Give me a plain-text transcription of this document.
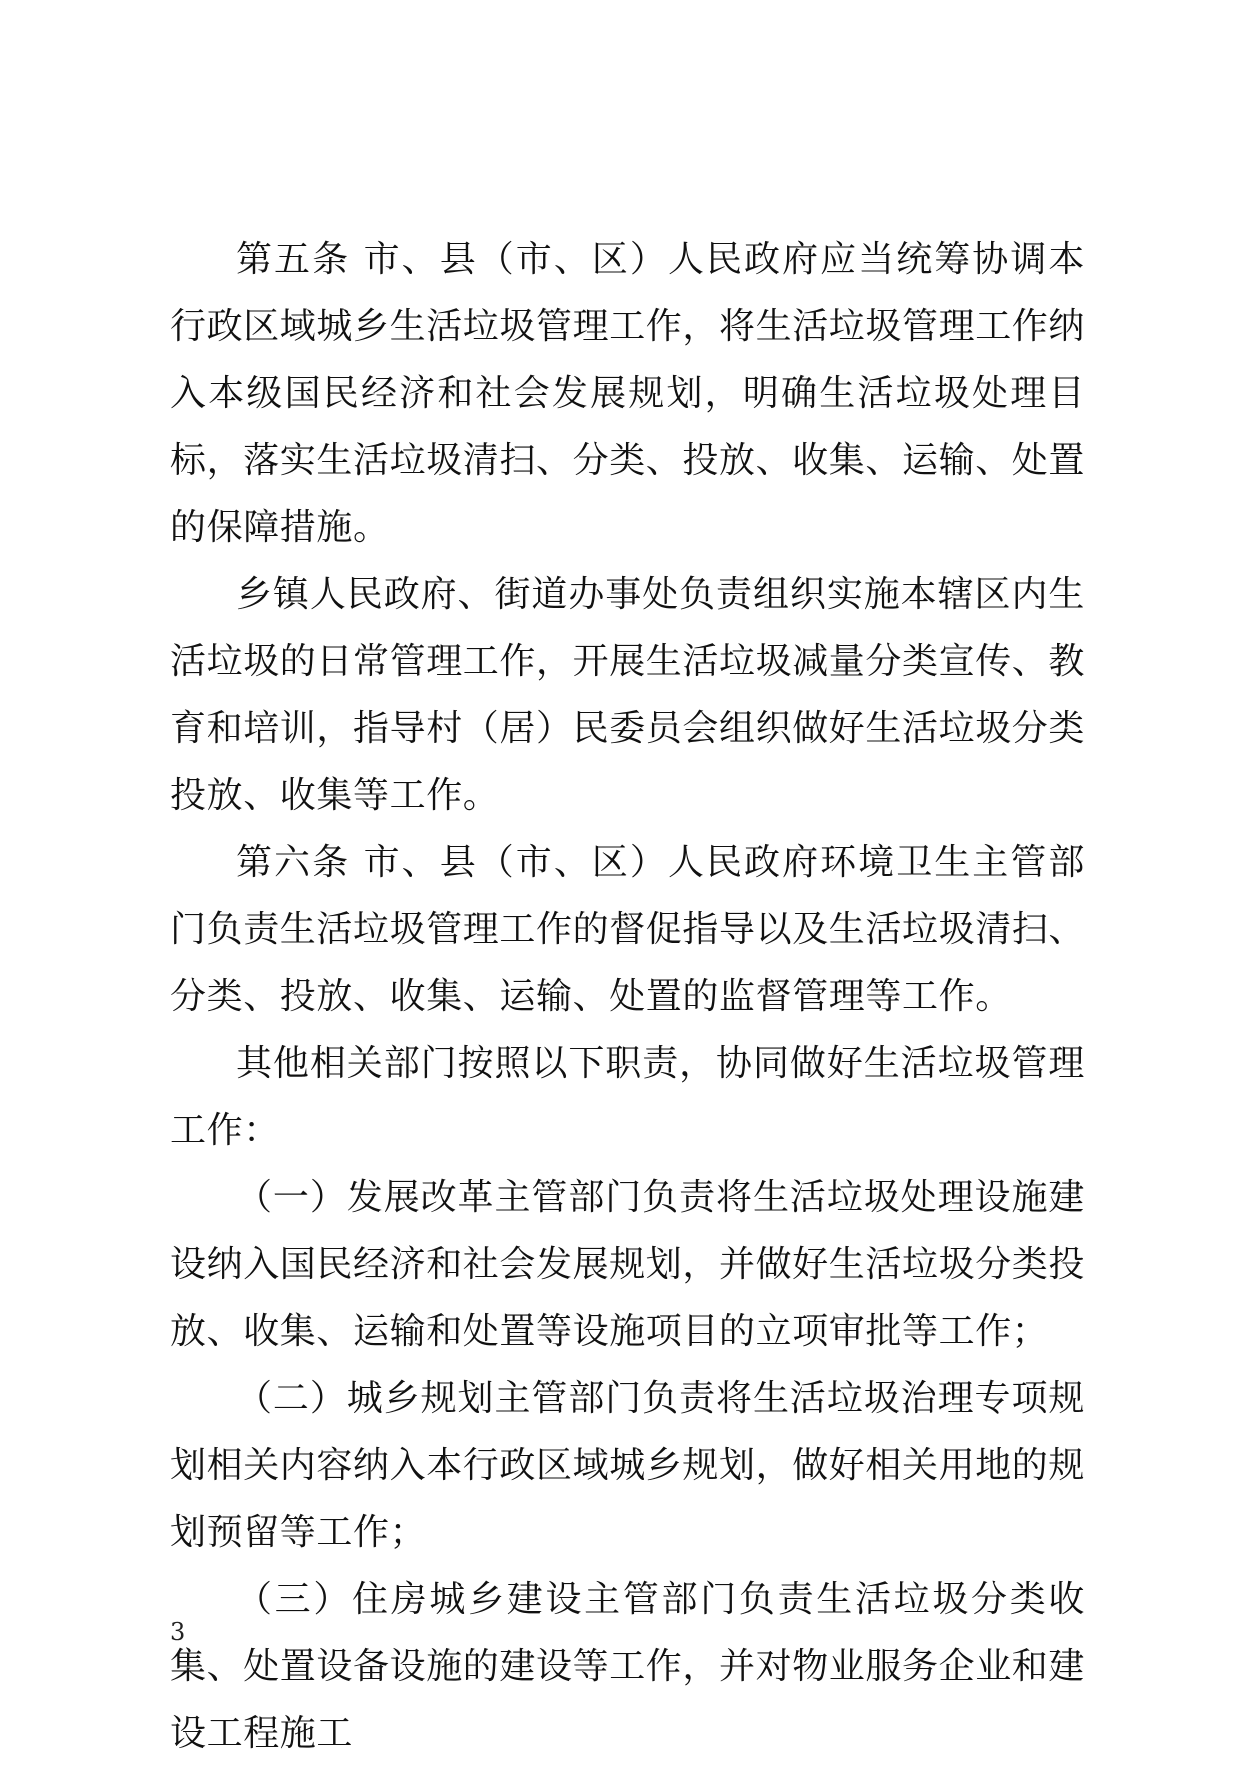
第五条 市、县（市、区）人民政府应当统筹协调本行政区域城乡生活垃圾管理工作，将生活垃圾管理工作纳入本级国民经济和社会发展规划，明确生活垃圾处理目标，落实生活垃圾清扫、分类、投放、收集、运输、处置的保障措施。

乡镇人民政府、街道办事处负责组织实施本辖区内生活垃圾的日常管理工作，开展生活垃圾减量分类宣传、教育和培训，指导村（居）民委员会组织做好生活垃圾分类投放、收集等工作。

第六条 市、县（市、区）人民政府环境卫生主管部门负责生活垃圾管理工作的督促指导以及生活垃圾清扫、分类、投放、收集、运输、处置的监督管理等工作。

其他相关部门按照以下职责，协同做好生活垃圾管理工作：

（一）发展改革主管部门负责将生活垃圾处理设施建设纳入国民经济和社会发展规划，并做好生活垃圾分类投放、收集、运输和处置等设施项目的立项审批等工作；

（二）城乡规划主管部门负责将生活垃圾治理专项规划相关内容纳入本行政区域城乡规划，做好相关用地的规划预留等工作；

（三）住房城乡建设主管部门负责生活垃圾分类收集、处置设备设施的建设等工作，并对物业服务企业和建设工程施工

3
